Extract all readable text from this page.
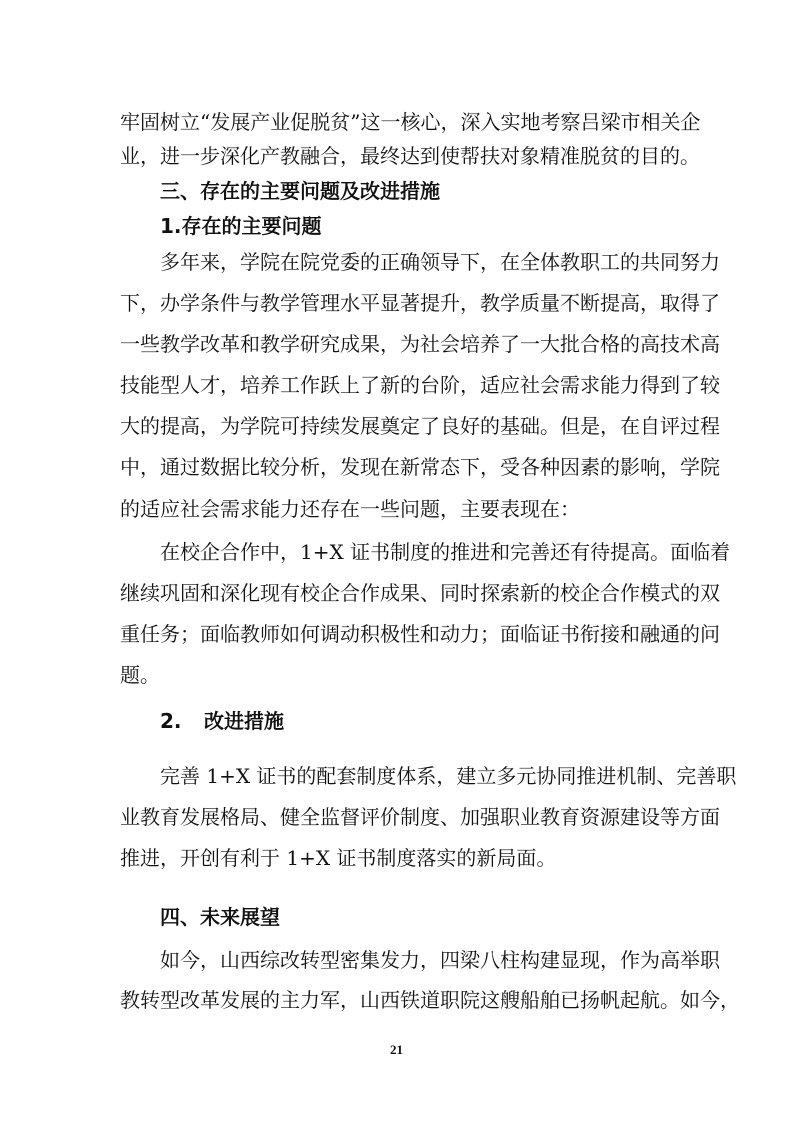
牢固树立“发展产业促脱贫”这一核心，深入实地考察吕梁市相关企
业，进一步深化产教融合，最终达到使帮扶对象精准脱贫的目的。
三、存在的主要问题及改进措施
1.存在的主要问题
多年来，学院在院党委的正确领导下，在全体教职工的共同努力
下，办学条件与教学管理水平显著提升，教学质量不断提高，取得了
一些教学改革和教学研究成果，为社会培养了一大批合格的高技术高
技能型人才，培养工作跃上了新的台阶，适应社会需求能力得到了较
大的提高，为学院可持续发展奠定了良好的基础。但是，在自评过程
中，通过数据比较分析，发现在新常态下，受各种因素的影响，学院
的适应社会需求能力还存在一些问题，主要表现在：
在校企合作中，1+X 证书制度的推进和完善还有待提高。面临着
继续巩固和深化现有校企合作成果、同时探索新的校企合作模式的双
重任务；面临教师如何调动积极性和动力；面临证书衔接和融通的问
题。
2. 改进措施
完善 1+X 证书的配套制度体系，建立多元协同推进机制、完善职
业教育发展格局、健全监督评价制度、加强职业教育资源建设等方面
推进，开创有利于 1+X 证书制度落实的新局面。
四、未来展望
如今，山西综改转型密集发力，四梁八柱构建显现，作为高举职
教转型改革发展的主力军，山西铁道职院这艘船舶已扬帆起航。如今，
21
